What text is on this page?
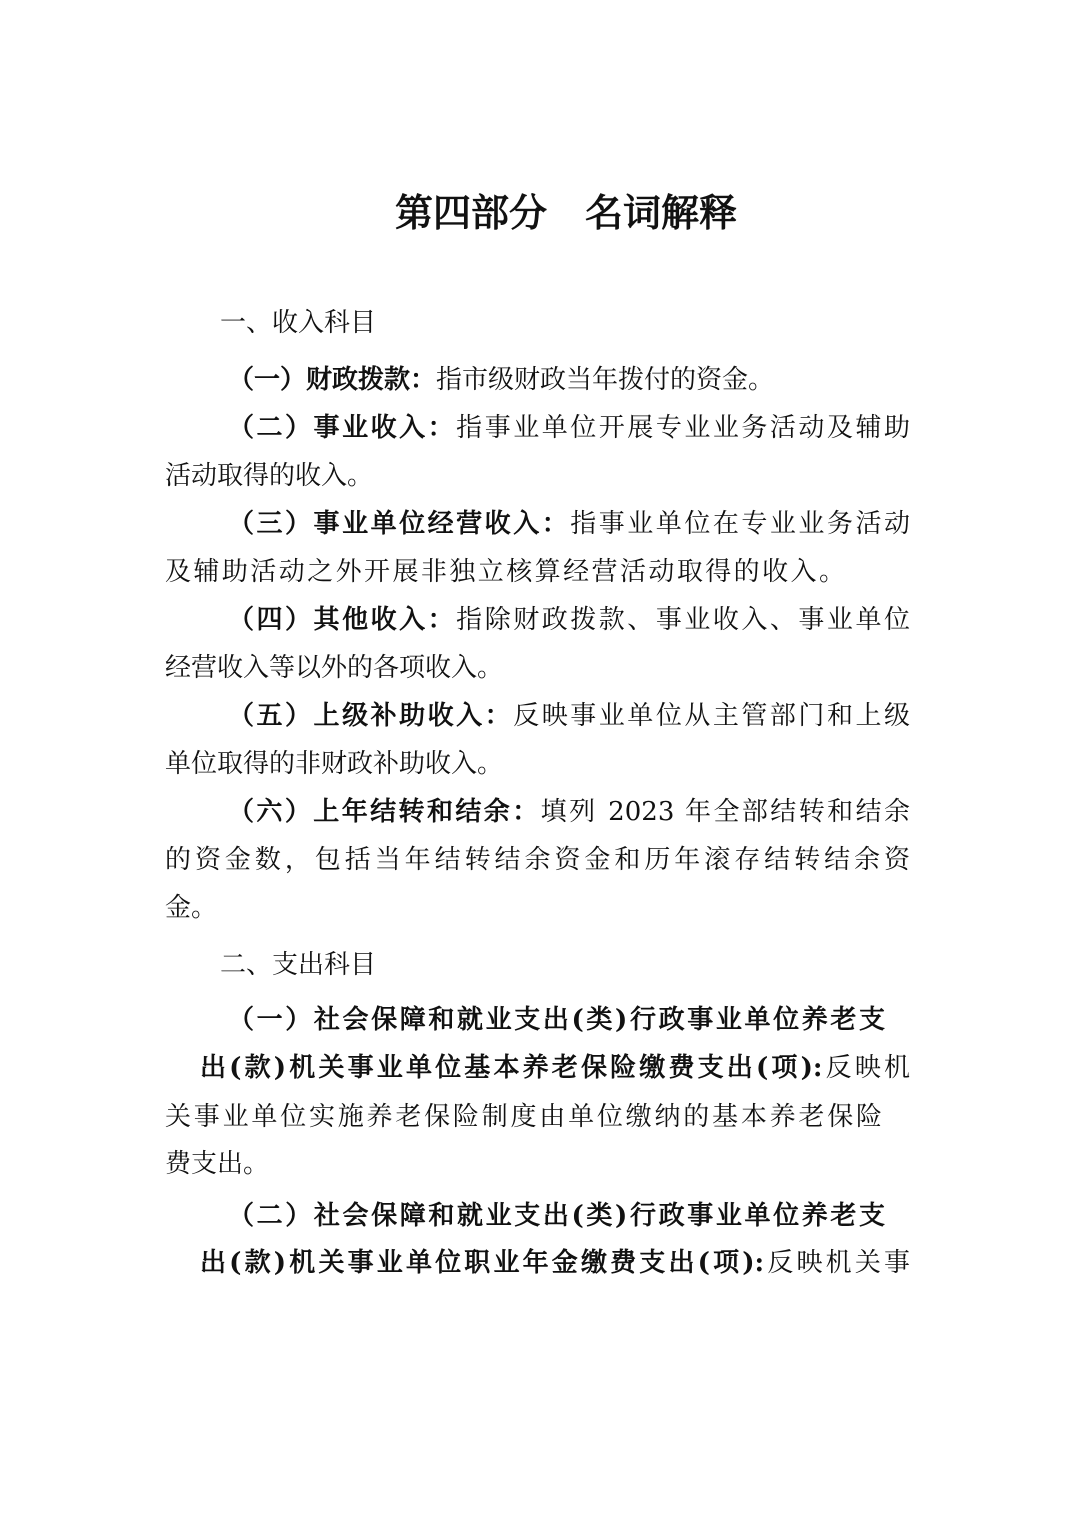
第四部分　名词解释
一、收入科目
（一）财政拨款：指市级财政当年拨付的资金。
（二）事业收入：指事业单位开展专业业务活动及辅助
活动取得的收入。
（三）事业单位经营收入：指事业单位在专业业务活动
及辅助活动之外开展非独立核算经营活动取得的收入。
（四）其他收入：指除财政拨款、事业收入、事业单位
经营收入等以外的各项收入。
（五）上级补助收入：反映事业单位从主管部门和上级
单位取得的非财政补助收入。
（六）上年结转和结余：填列 2023 年全部结转和结余
的资金数，包括当年结转结余资金和历年滚存结转结余资
金。
二、支出科目
（一）社会保障和就业支出(类)行政事业单位养老支
出(款)机关事业单位基本养老保险缴费支出(项):反映机
关事业单位实施养老保险制度由单位缴纳的基本养老保险
费支出。
（二）社会保障和就业支出(类)行政事业单位养老支
出(款)机关事业单位职业年金缴费支出(项):反映机关事
